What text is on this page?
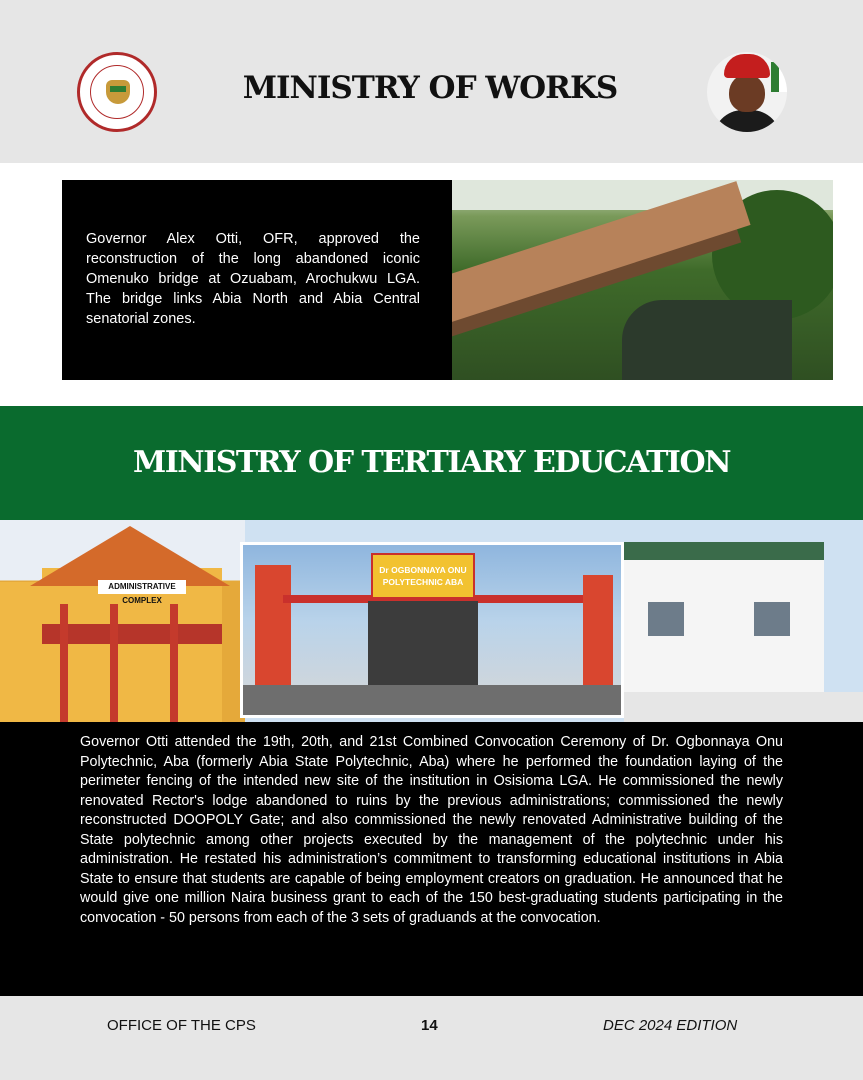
MINISTRY OF WORKS

Governor Alex Otti, OFR, approved the reconstruction of the long abandoned iconic Omenuko bridge at Ozuabam, Arochukwu LGA. The bridge links Abia North and Abia Central senatorial zones.

MINISTRY OF TERTIARY EDUCATION
ADMINISTRATIVE COMPLEX
Dr OGBONNAYA ONU POLYTECHNIC ABA

Governor Otti attended the 19th, 20th, and 21st Combined Convocation Ceremony of Dr. Ogbonnaya Onu Polytechnic, Aba (formerly Abia State Polytechnic, Aba) where he performed the foundation laying of the perimeter fencing of the intended new site of the institution in Osisioma LGA. He commissioned the newly renovated Rector's lodge abandoned to ruins by the previous administrations; commissioned the newly reconstructed DOOPOLY Gate; and also commissioned the newly renovated Administrative building of the State polytechnic among other projects executed by the management of the polytechnic under his administration. He restated his administration’s commitment to transforming educational institutions in Abia State to ensure that students are capable of being employment creators on graduation. He announced that he would give one million Naira business grant to each of the 150 best-graduating students participating in the convocation - 50 persons from each of the 3 sets of graduands at the convocation.

OFFICE OF THE CPS	14	DEC 2024 EDITION
